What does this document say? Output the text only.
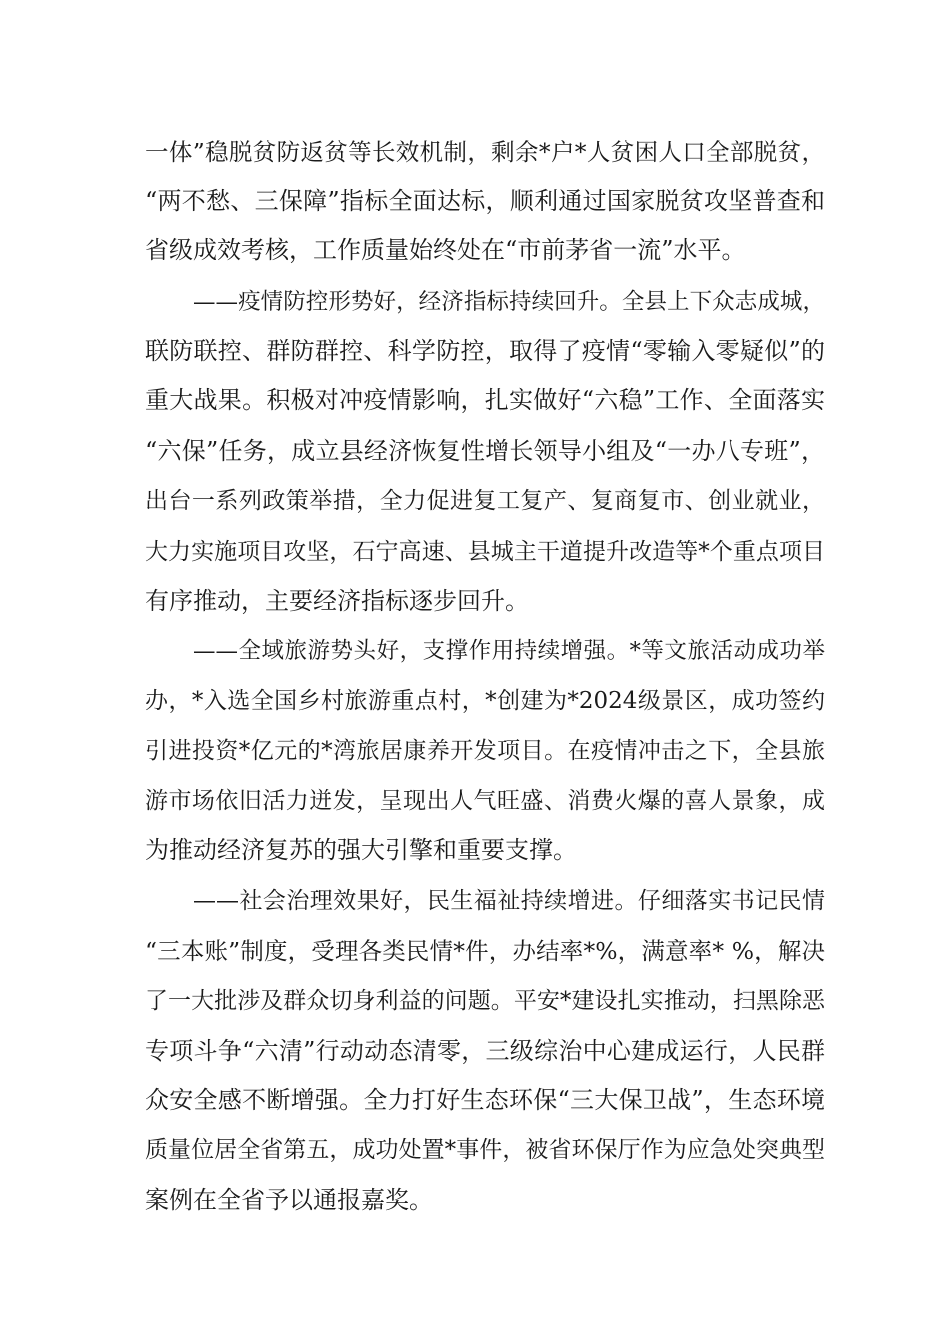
一体”稳脱贫防返贫等长效机制，剩余*户*人贫困人口全部脱贫，
“两不愁、三保障”指标全面达标，顺利通过国家脱贫攻坚普查和
省级成效考核，工作质量始终处在“市前茅省一流”水平。
——疫情防控形势好，经济指标持续回升。全县上下众志成城，
联防联控、群防群控、科学防控，取得了疫情“零输入零疑似”的
重大战果。积极对冲疫情影响，扎实做好“六稳”工作、全面落实
“六保”任务，成立县经济恢复性增长领导小组及“一办八专班”，
出台一系列政策举措，全力促进复工复产、复商复市、创业就业，
大力实施项目攻坚，石宁高速、县城主干道提升改造等*个重点项目
有序推动，主要经济指标逐步回升。
——全域旅游势头好，支撑作用持续增强。*等文旅活动成功举
办，*入选全国乡村旅游重点村，*创建为*2024级景区，成功签约
引进投资*亿元的*湾旅居康养开发项目。在疫情冲击之下，全县旅
游市场依旧活力迸发，呈现出人气旺盛、消费火爆的喜人景象，成
为推动经济复苏的强大引擎和重要支撑。
——社会治理效果好，民生福祉持续增进。仔细落实书记民情
“三本账”制度，受理各类民情*件，办结率*%，满意率* %，解决
了一大批涉及群众切身利益的问题。平安*建设扎实推动，扫黑除恶
专项斗争“六清”行动动态清零，三级综治中心建成运行，人民群
众安全感不断增强。全力打好生态环保“三大保卫战”，生态环境
质量位居全省第五，成功处置*事件，被省环保厅作为应急处突典型
案例在全省予以通报嘉奖。
